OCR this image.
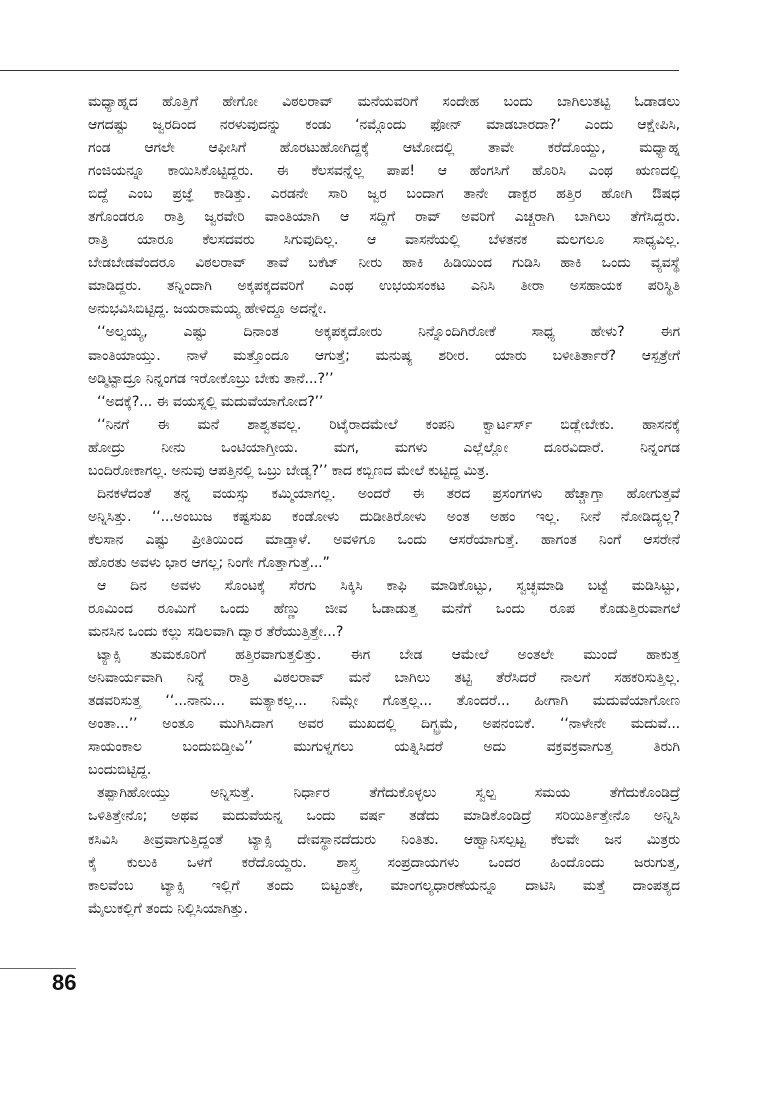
ಮಧ್ಯಾಹ್ನದ ಹೊತ್ತಿಗೆ ಹೇಗೋ ವಿಠಲರಾವ್ ಮನೆಯವರಿಗೆ ಸಂದೇಹ ಬಂದು ಬಾಗಿಲುತಟ್ಟಿ ಓಡಾಡಲು
ಆಗದಷ್ಟು ಜ್ವರದಿಂದ ನರಳುವುದನ್ನು ಕಂಡು ‘ನಮ್ಗೊಂದು ಫೋನ್ ಮಾಡಬಾರದಾ?’ ಎಂದು ಆಕ್ಷೇಪಿಸಿ,
ಗಂಡ ಆಗಲೇ ಆಫೀಸಿಗೆ ಹೊರಟುಹೋಗಿದ್ದಕ್ಕೆ ಆಟೋದಲ್ಲಿ ತಾವೇ ಕರೆದೊಯ್ದು, ಮಧ್ಯಾಹ್ನ
ಗಂಜಿಯನ್ನೂ ಕಾಯಿಸಿಕೊಟ್ಟಿದ್ದರು. ಈ ಕೆಲಸವನ್ನೆಲ್ಲ ಪಾಪ! ಆ ಹೆಂಗಸಿಗೆ ಹೊರಿಸಿ ಎಂಥ ಋಣದಲ್ಲಿ
ಬಿದ್ದೆ ಎಂಬ ಪ್ರಜ್ಞೆ ಕಾಡಿತ್ತು. ಎರಡನೇ ಸಾರಿ ಜ್ವರ ಬಂದಾಗ ತಾನೇ ಡಾಕ್ಟರ ಹತ್ತಿರ ಹೋಗಿ ಔಷಧ
ತಗೊಂಡರೂ ರಾತ್ರಿ ಜ್ವರವೇರಿ ವಾಂತಿಯಾಗಿ ಆ ಸದ್ದಿಗೆ ರಾವ್ ಅವರಿಗೆ ಎಚ್ಚರಾಗಿ ಬಾಗಿಲು ತೆಗೆಸಿದ್ದರು.
ರಾತ್ರಿ ಯಾರೂ ಕೆಲಸದವರು ಸಿಗುವುದಿಲ್ಲ. ಆ ವಾಸನೆಯಲ್ಲಿ ಬೆಳತನಕ ಮಲಗಲೂ ಸಾಧ್ಯವಿಲ್ಲ.
ಬೇಡಬೇಡವೆಂದರೂ ವಿಠಲರಾವ್ ತಾವೆ ಬಕೆಟ್ ನೀರು ಹಾಕಿ ಹಿಡಿಯಿಂದ ಗುಡಿಸಿ ಹಾಕಿ ಒಂದು ವ್ಯವಸ್ಥೆ
ಮಾಡಿದ್ದರು. ತನ್ನಿಂದಾಗಿ ಅಕ್ಕಪಕ್ಕದವರಿಗೆ ಎಂಥ ಉಭಯಸಂಕಟ ಎನಿಸಿ ತೀರಾ ಅಸಹಾಯಕ ಪರಿಸ್ಥಿತಿ
ಅನುಭವಿಸಿಬಿಟ್ಟಿದ್ದ. ಜಯರಾಮಯ್ಯ ಹೇಳಿದ್ದೂ ಅದನ್ನೇ.
‘‘ಅಲ್ವಯ್ಯ, ಎಷ್ಟು ದಿನಾಂತ ಅಕ್ಕಪಕ್ಕದೋರು ನಿನ್ನೊಂದಿಗಿರೋಕೆ ಸಾಧ್ಯ ಹೇಳು? ಈಗ
ವಾಂತಿಯಾಯ್ತು. ನಾಳೆ ಮತ್ತೊಂದೂ ಆಗುತ್ತೆ; ಮನುಷ್ಯ ಶರೀರ. ಯಾರು ಬಳೀತಿರ್ತಾರೆ? ಆಸ್ಪತ್ರೇಗೆ
ಅಡ್ಮಿಟ್ಟಾದ್ರೂ ನಿನ್ನಂಗಡ ಇರೋಕೊಬ್ರು ಬೇಕು ತಾನೆ...?’’
‘‘ಅದಕ್ಕೆ?... ಈ ವಯಸ್ನಲ್ಲಿ ಮದುವೆಯಾಗೋದ?’’
‘‘ನಿನಗೆ ಈ ಮನೆ ಶಾಶ್ವತವಲ್ಲ. ರಿಟೈರಾದಮೇಲೆ ಕಂಪನಿ ಕ್ವಾರ್ಟರ್ಸ್ ಬಿಡ್ಲೇಬೇಕು. ಹಾಸನಕ್ಕೆ
ಹೋದ್ರು ನೀನು ಒಂಟಿಯಾಗ್ತೀಯ. ಮಗ, ಮಗಳು ಎಲ್ಲೆಲ್ಲೋ ದೂರವಿದಾರೆ. ನಿನ್ನಂಗಡ
ಬಂದಿರೋಕಾಗಲ್ಲ. ಅನುವು ಆಪತ್ತಿನಲ್ಲಿ ಒಬ್ರು ಬೇಡ್ವ?’’ ಕಾದ ಕಬ್ಬಿಣದ ಮೇಲೆ ಕುಟ್ಟಿದ್ದ ಮಿತ್ರ.
ದಿನಕಳೆದಂತೆ ತನ್ನ ವಯಸ್ಸು ಕಮ್ಮಿಯಾಗಲ್ಲ. ಅಂದರೆ ಈ ತರದ ಪ್ರಸಂಗಗಳು ಹೆಚ್ಚಾಗ್ತಾ ಹೋಗುತ್ತವೆ
ಅನ್ನಿಸಿತ್ತು. ‘‘...ಅಂಬುಜ ಕಷ್ಟಸುಖ ಕಂಡೋಳು ದುಡೀತಿರೋಳು ಅಂತ ಅಹಂ ಇಲ್ಲ. ನೀನೆ ನೋಡಿದ್ಯಲ್ಲ?
ಕೆಲಸಾನ ಎಷ್ಟು ಪ್ರೀತಿಯಿಂದ ಮಾಡ್ತಾಳೆ. ಅವಳಿಗೂ ಒಂದು ಆಸರೆಯಾಗುತ್ತೆ. ಹಾಗಂತ ನಿಂಗೆ ಆಸರೇನೆ
ಹೊರತು ಅವಳು ಭಾರ ಆಗಲ್ಲ; ನಿಂಗೇ ಗೊತ್ತಾಗುತ್ತೆ...”
ಆ ದಿನ ಅವಳು ಸೊಂಟಕ್ಕೆ ಸೆರಗು ಸಿಕ್ಕಿಸಿ ಕಾಫಿ ಮಾಡಿಕೊಟ್ಟು, ಸ್ವಚ್ಛಮಾಡಿ ಬಟ್ಟೆ ಮಡಿಸಿಟ್ಟು,
ರೂಮಿಂದ ರೂಮಿಗೆ ಒಂದು ಹೆಣ್ಣು ಜೀವ ಓಡಾಡುತ್ತ ಮನೆಗೆ ಒಂದು ರೂಪ ಕೊಡುತ್ತಿರುವಾಗಲೆ
ಮನಸಿನ ಒಂದು ಕಲ್ಲು ಸಡಿಲವಾಗಿ ದ್ವಾರ ತೆರೆಯುತ್ತಿತ್ತೇ...?
ಟ್ಯಾಕ್ಸಿ ತುಮಕೂರಿಗೆ ಹತ್ತಿರವಾಗುತ್ತಲಿತ್ತು. ಈಗ ಬೇಡ ಆಮೇಲೆ ಅಂತಲೇ ಮುಂದೆ ಹಾಕುತ್ತ
ಅನಿವಾರ್ಯವಾಗಿ ನಿನ್ನೆ ರಾತ್ರಿ ವಿಠಲರಾವ್ ಮನೆ ಬಾಗಿಲು ತಟ್ಟಿ ತೆರೆಸಿದರೆ ನಾಲಗೆ ಸಹಕರಿಸುತ್ತಿಲ್ಲ.
ತಡವರಿಸುತ್ತ ‘‘...ನಾನು... ಮತ್ಯಾಕಲ್ಲ... ನಿಮ್ಗೇ ಗೊತ್ತಲ್ಲ... ತೊಂದರೆ... ಹೀಗಾಗಿ ಮದುವೆಯಾಗೋಣ
ಅಂತಾ...’’ ಅಂತೂ ಮುಗಿಸಿದಾಗ ಅವರ ಮುಖದಲ್ಲಿ ದಿಗ್ಭ್ರಮೆ, ಅಪನಂಬಿಕೆ. ‘‘ನಾಳೇನೇ ಮದುವೆ...
ಸಾಯಂಕಾಲ ಬಂದುಬಿಡ್ತೀವಿ’’ ಮುಗುಳ್ನಗಲು ಯತ್ನಿಸಿದರೆ ಅದು ವಕ್ರವಕ್ರವಾಗುತ್ತ ತಿರುಗಿ
ಬಂದುಬಿಟ್ಟಿದ್ದ.
ತಪ್ಪಾಗಿಹೋಯ್ತು ಅನ್ನಿಸುತ್ತೆ. ನಿರ್ಧಾರ ತೆಗೆದುಕೊಳ್ಳಲು ಸ್ವಲ್ಪ ಸಮಯ ತೆಗೆದುಕೊಂಡಿದ್ರೆ
ಒಳಿತಿತ್ತೇನೊ; ಅಥವ ಮದುವೆಯನ್ನ ಒಂದು ವರ್ಷ ತಡೆದು ಮಾಡಿಕೊಂಡಿದ್ರೆ ಸರಿಯಿರ್ತಿತ್ತೇನೊ ಅನ್ನಿಸಿ
ಕಸಿವಿಸಿ ತೀವ್ರವಾಗುತ್ತಿದ್ದಂತೆ ಟ್ಯಾಕ್ಸಿ ದೇವಸ್ಥಾನದೆದುರು ನಿಂತಿತು. ಆಹ್ವಾನಿಸಲ್ಪಟ್ಟ ಕೆಲವೇ ಜನ ಮಿತ್ರರು
ಕೈ ಕುಲುಕಿ ಒಳಗೆ ಕರೆದೊಯ್ದರು. ಶಾಸ್ತ್ರ ಸಂಪ್ರದಾಯಗಳು ಒಂದರ ಹಿಂದೊಂದು ಜರುಗುತ್ತ,
ಕಾಲವೆಂಬ ಟ್ಯಾಕ್ಸಿ ಇಲ್ಲಿಗೆ ತಂದು ಬಿಟ್ಟಂತೇ, ಮಾಂಗಲ್ಯಧಾರಣೆಯನ್ನೂ ದಾಟಿಸಿ ಮತ್ತೆ ದಾಂಪತ್ಯದ
ಮೈಲುಕಲ್ಲಿಗೆ ತಂದು ನಿಲ್ಲಿಸಿಯಾಗಿತ್ತು.
86
